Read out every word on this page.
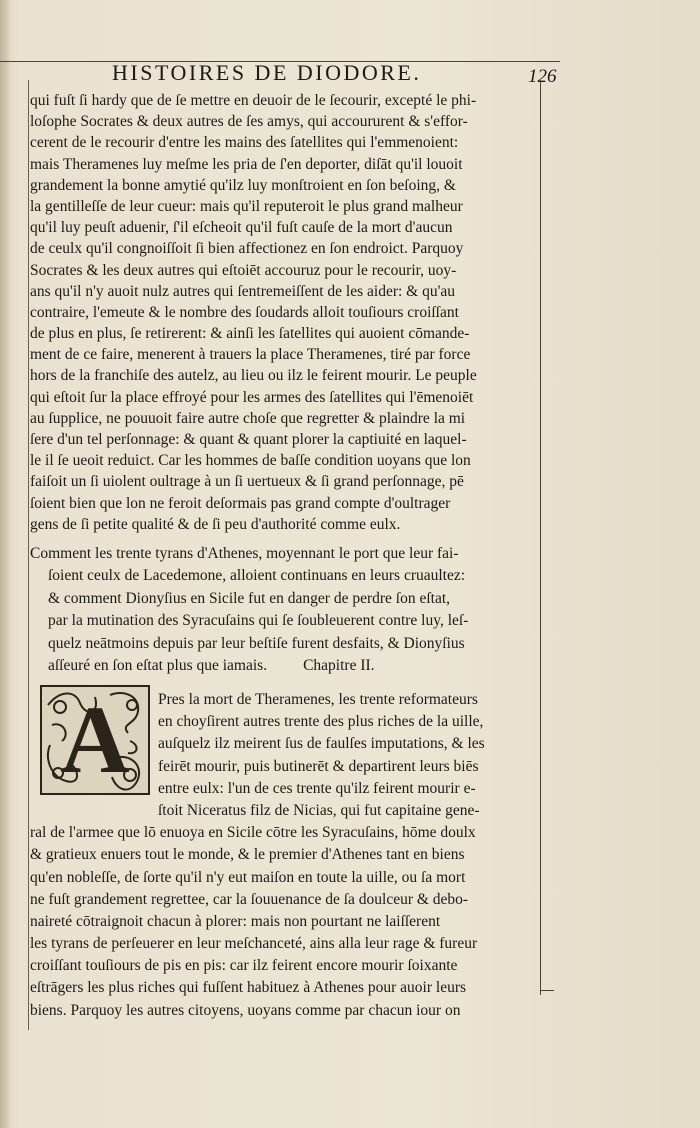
HISTOIRES DE DIODORE.	126
qui fuſt ſi hardy que de ſe mettre en deuoir de le ſecourir, excepté le phi-
loſophe Socrates & deux autres de ſes amys, qui accoururent & s'effor-
cerent de le recourir d'entre les mains des ſatellites qui l'emmenoient:
mais Theramenes luy meſme les pria de ſ'en deporter, diſāt qu'il louoit
grandement la bonne amytié qu'ilz luy monſtroient en ſon beſoing, &
la gentilleſſe de leur cueur: mais qu'il reputeroit le plus grand malheur
qu'il luy peuſt aduenir, ſ'il eſcheoit qu'il fuſt cauſe de la mort d'aucun
de ceulx qu'il congnoiſſoit ſi bien affectionez en ſon endroict. Parquoy
Socrates & les deux autres qui eſtoiēt accouruz pour le recourir, uoy-
ans qu'il n'y auoit nulz autres qui ſentremeiſſent de les aider: & qu'au
contraire, l'emeute & le nombre des ſoudards alloit touſiours croiſſant
de plus en plus, ſe retirerent: & ainſi les ſatellites qui auoient cōmande-
ment de ce faire, menerent à trauers la place Theramenes, tiré par force
hors de la franchiſe des autelz, au lieu ou ilz le feirent mourir. Le peuple
qui eſtoit ſur la place effroyé pour les armes des ſatellites qui l'ēmenoiēt
au ſupplice, ne pouuoit faire autre choſe que regretter & plaindre la mi
ſere d'un tel perſonnage: & quant & quant plorer la captiuité en laquel-
le il ſe ueoit reduict. Car les hommes de baſſe condition uoyans que lon
faiſoit un ſi uiolent oultrage à un ſi uertueux & ſi grand perſonnage, pē
ſoient bien que lon ne feroit deſormais pas grand compte d'oultrager
gens de ſi petite qualité & de ſi peu d'authorité comme eulx.
Comment les trente tyrans d'Athenes, moyennant le port que leur fai-
ſoient ceulx de Lacedemone, alloient continuans en leurs cruaultez:
& comment Dionyſius en Sicile fut en danger de perdre ſon eſtat,
par la mutination des Syracuſains qui ſe ſoubleuerent contre luy, leſ-
quelz neātmoins depuis par leur beſtiſe furent desfaits, & Dionyſius
aſſeuré en ſon eſtat plus que iamais. Chapitre II.
A	Pres la mort de Theramenes, les trente reformateurs
en choyſirent autres trente des plus riches de la uille,
auſquelz ilz meirent ſus de faulſes imputations, & les
feirēt mourir, puis butinerēt & departirent leurs biēs
entre eulx: l'un de ces trente qu'ilz feirent mourir e-
ſtoit Niceratus filz de Nicias, qui fut capitaine gene-
ral de l'armee que lō enuoya en Sicile cōtre les Syracuſains, hōme doulx
& gratieux enuers tout le monde, & le premier d'Athenes tant en biens
qu'en nobleſſe, de ſorte qu'il n'y eut maiſon en toute la uille, ou ſa mort
ne fuſt grandement regrettee, car la ſouuenance de ſa doulceur & debo-
naireté cōtraignoit chacun à plorer: mais non pourtant ne laiſſerent
les tyrans de perſeuerer en leur meſchanceté, ains alla leur rage & fureur
croiſſant touſiours de pis en pis: car ilz feirent encore mourir ſoixante
eſtrāgers les plus riches qui fuſſent habituez à Athenes pour auoir leurs
biens. Parquoy les autres citoyens, uoyans comme par chacun iour on
